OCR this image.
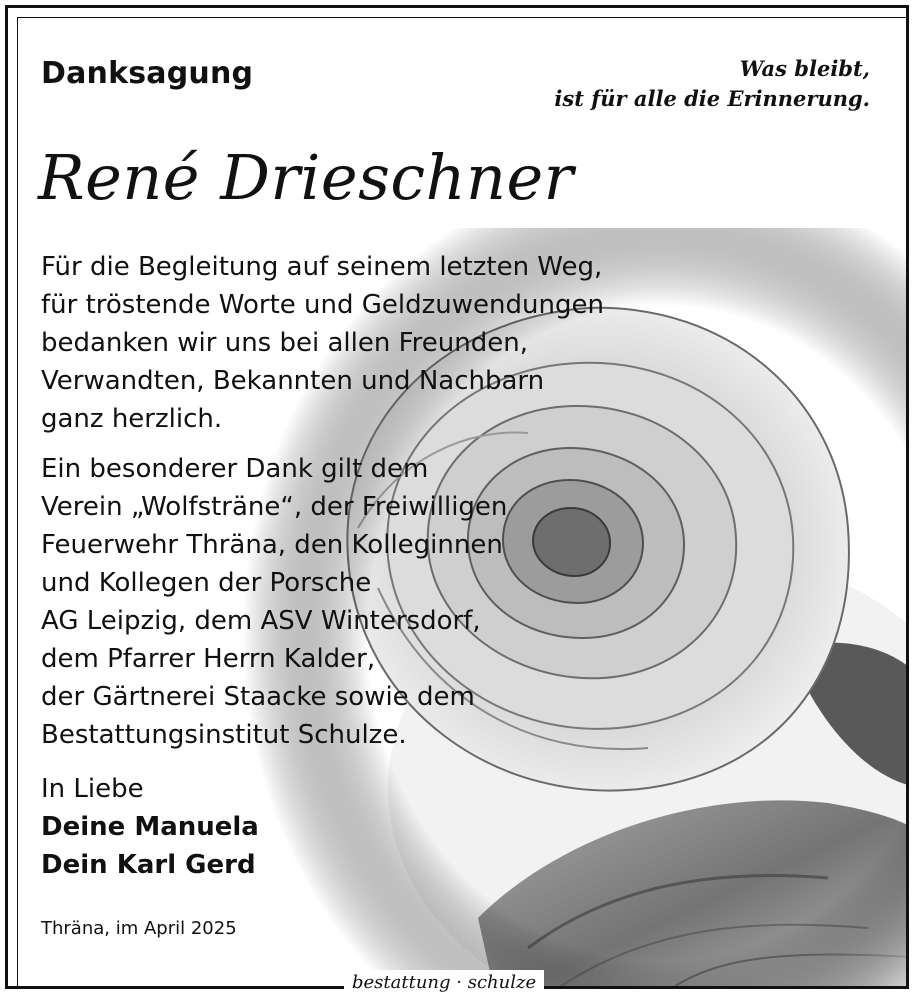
Danksagung	Was bleibt,
ist für alle die Erinnerung.
René Drieschner
Für die Begleitung auf seinem letzten Weg,
für tröstende Worte und Geldzuwendungen
bedanken wir uns bei allen Freunden,
Verwandten, Bekannten und Nachbarn
ganz herzlich.
Ein besonderer Dank gilt dem
Verein „Wolfsträne“, der Freiwilligen
Feuerwehr Thräna, den Kolleginnen
und Kollegen der Porsche
AG Leipzig, dem ASV Wintersdorf,
dem Pfarrer Herrn Kalder,
der Gärtnerei Staacke sowie dem
Bestattungsinstitut Schulze.
In Liebe
Deine Manuela
Dein Karl Gerd
Thräna, im April 2025
bestattung · schulze
